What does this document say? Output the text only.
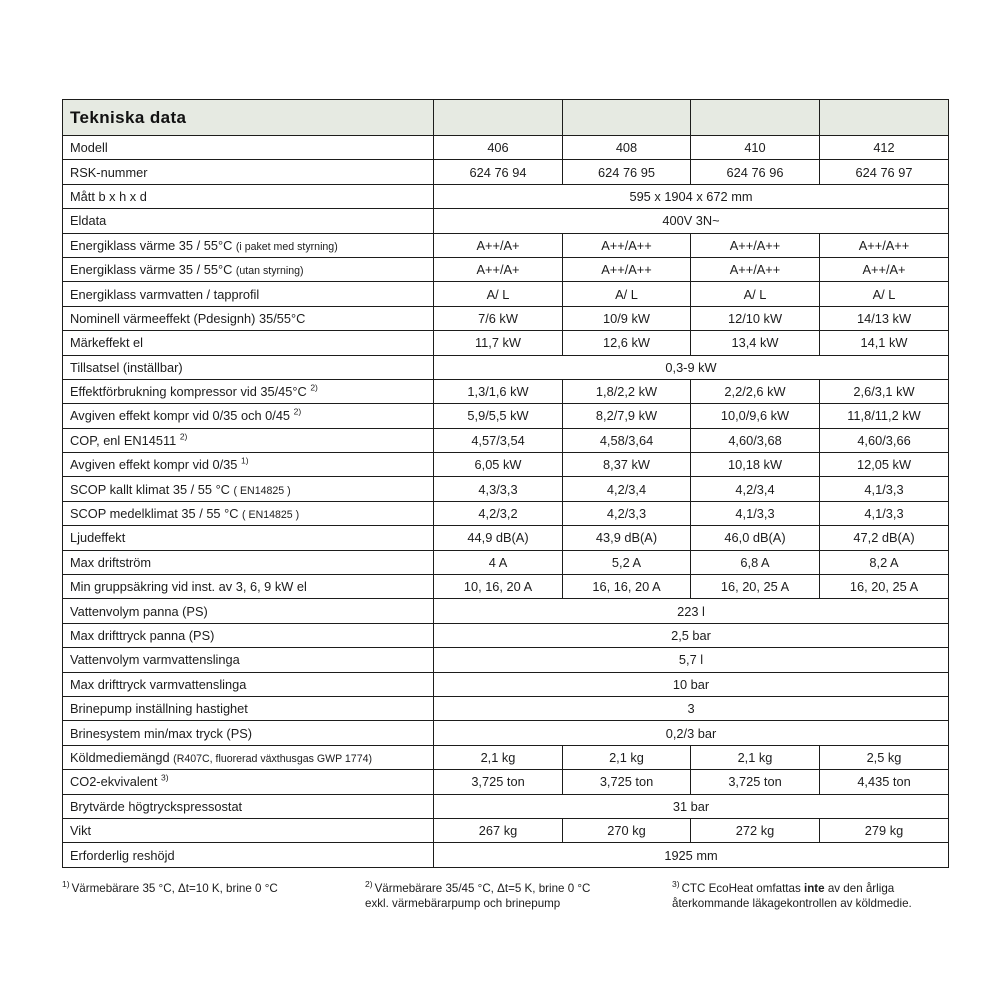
Tekniska data				
Modell	406	408	410	412
RSK-nummer	624 76 94	624 76 95	624 76 96	624 76 97
Mått b x h x d	595 x 1904 x 672 mm			
Eldata	400V 3N~			
Energiklass värme 35 / 55°C (i paket med styrning)	A++/A+	A++/A++	A++/A++	A++/A++
Energiklass värme 35 / 55°C (utan styrning)	A++/A+	A++/A++	A++/A++	A++/A+
Energiklass varmvatten / tapprofil	A/ L	A/ L	A/ L	A/ L
Nominell värmeeffekt (Pdesignh) 35/55°C	7/6 kW	10/9 kW	12/10 kW	14/13 kW
Märkeffekt el	11,7 kW	12,6 kW	13,4 kW	14,1 kW
Tillsatsel (inställbar)	0,3-9 kW			
Effektförbrukning kompressor vid 35/45°C $^{2)}$	1,3/1,6 kW	1,8/2,2 kW	2,2/2,6 kW	2,6/3,1 kW
Avgiven effekt kompr vid 0/35 och 0/45 $^{2)}$	5,9/5,5 kW	8,2/7,9 kW	10,0/9,6 kW	11,8/11,2 kW
COP, enl EN14511 $^{2)}$	4,57/3,54	4,58/3,64	4,60/3,68	4,60/3,66
Avgiven effekt kompr vid 0/35 $^{1)}$	6,05 kW	8,37 kW	10,18 kW	12,05 kW
SCOP kallt klimat 35 / 55 °C ( EN14825 )	4,3/3,3	4,2/3,4	4,2/3,4	4,1/3,3
SCOP medelklimat 35 / 55 °C ( EN14825 )	4,2/3,2	4,2/3,3	4,1/3,3	4,1/3,3
Ljudeffekt	44,9 dB(A)	43,9 dB(A)	46,0 dB(A)	47,2 dB(A)
Max driftström	4 A	5,2 A	6,8 A	8,2 A
Min gruppsäkring vid inst. av 3, 6, 9 kW el	10, 16, 20 A	16, 16, 20 A	16, 20, 25 A	16, 20, 25 A
Vattenvolym panna (PS)	223 l			
Max drifttryck panna (PS)	2,5 bar			
Vattenvolym varmvattenslinga	5,7 l			
Max drifttryck varmvattenslinga	10 bar			
Brinepump inställning hastighet	3			
Brinesystem min/max tryck (PS)	0,2/3 bar			
Köldmediemängd (R407C, fluorerad växthusgas GWP 1774)	2,1 kg	2,1 kg	2,1 kg	2,5 kg
CO2-ekvivalent $^{3)}$	3,725 ton	3,725 ton	3,725 ton	4,435 ton
Brytvärde högtryckspressostat	31 bar			
Vikt	267 kg	270 kg	272 kg	279 kg
Erforderlig reshöjd	1925 mm			
$^{1)}$ Värmebärare 35 °C, Δt=10 K, brine 0 °C	$^{2)}$ Värmebärare 35/45 °C, Δt=5 K, brine 0 °C
exkl. värmebärarpump och brinepump
$^{3)}$ CTC EcoHeat omfattas inte av den årliga återkommande läkagekontrollen av köldmedie.
